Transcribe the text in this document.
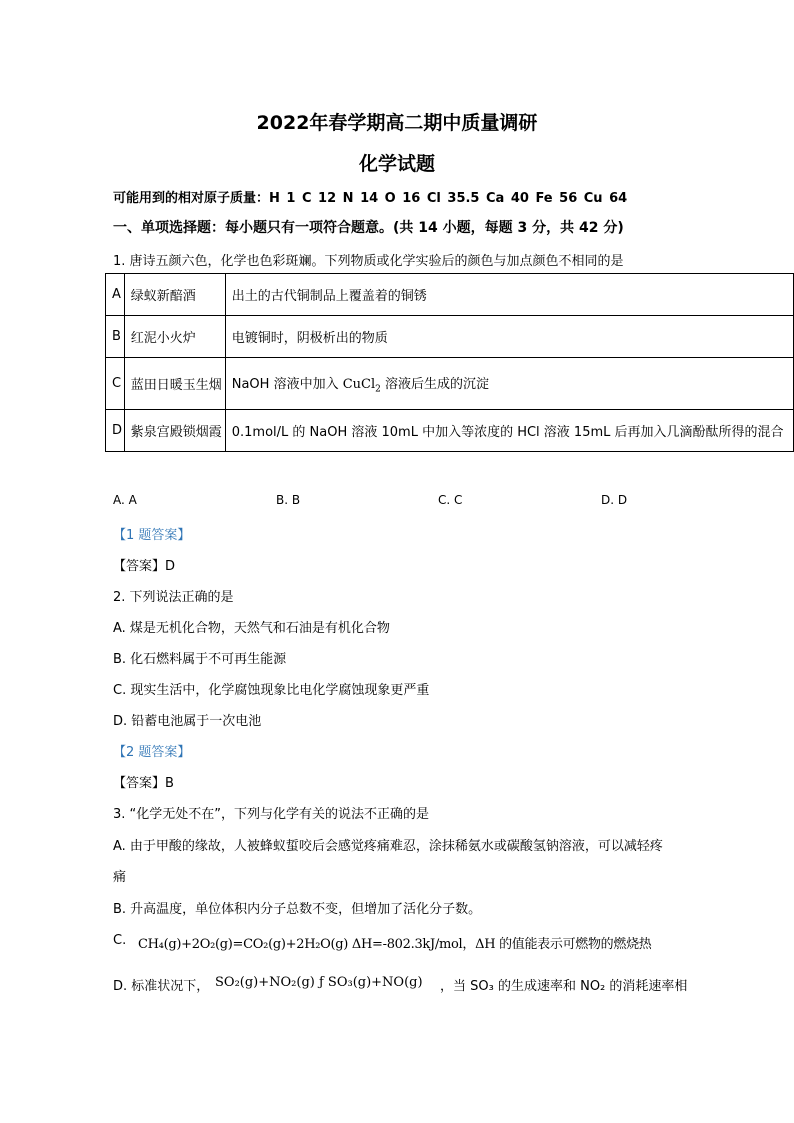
2022年春学期高二期中质量调研
化学试题
可能用到的相对原子质量：H 1 C 12 N 14 O 16 Cl 35.5 Ca 40 Fe 56 Cu 64
一、单项选择题：每小题只有一项符合题意。(共 14 小题，每题 3 分，共 42 分)
1. 唐诗五颜六色，化学也色彩斑斓。下列物质或化学实验后的颜色与加点颜色不相同的是
A	绿蚁新醅酒	出土的古代铜制品上覆盖着的铜锈
B	红泥小火炉	电镀铜时，阴极析出的物质
C	蓝田日暖玉生烟	NaOH 溶液中加入 CuCl$_2$ 溶液后生成的沉淀
D	紫泉宫殿锁烟霞	0.1mol/L 的 NaOH 溶液 10mL 中加入等浓度的 HCl 溶液 15mL 后再加入几滴酚酞所得的混合
A. A	B. B	C. C	D. D
【1 题答案】
【答案】D
2. 下列说法正确的是
A. 煤是无机化合物，天然气和石油是有机化合物
B. 化石燃料属于不可再生能源
C. 现实生活中，化学腐蚀现象比电化学腐蚀现象更严重
D. 铅蓄电池属于一次电池
【2 题答案】
【答案】B
3. “化学无处不在”，下列与化学有关的说法不正确的是
A. 由于甲酸的缘故，人被蜂蚁蜇咬后会感觉疼痛难忍，涂抹稀氨水或碳酸氢钠溶液，可以减轻疼
痛
B. 升高温度，单位体积内分子总数不变，但增加了活化分子数。
C. CH₄(g)+2O₂(g)=CO₂(g)+2H₂O(g) ΔH=-802.3kJ/mol，ΔH 的值能表示可燃物的燃烧热
D. 标准状况下， SO₂(g)+NO₂(g) ƒ SO₃(g)+NO(g) ，当 SO₃ 的生成速率和 NO₂ 的消耗速率相
